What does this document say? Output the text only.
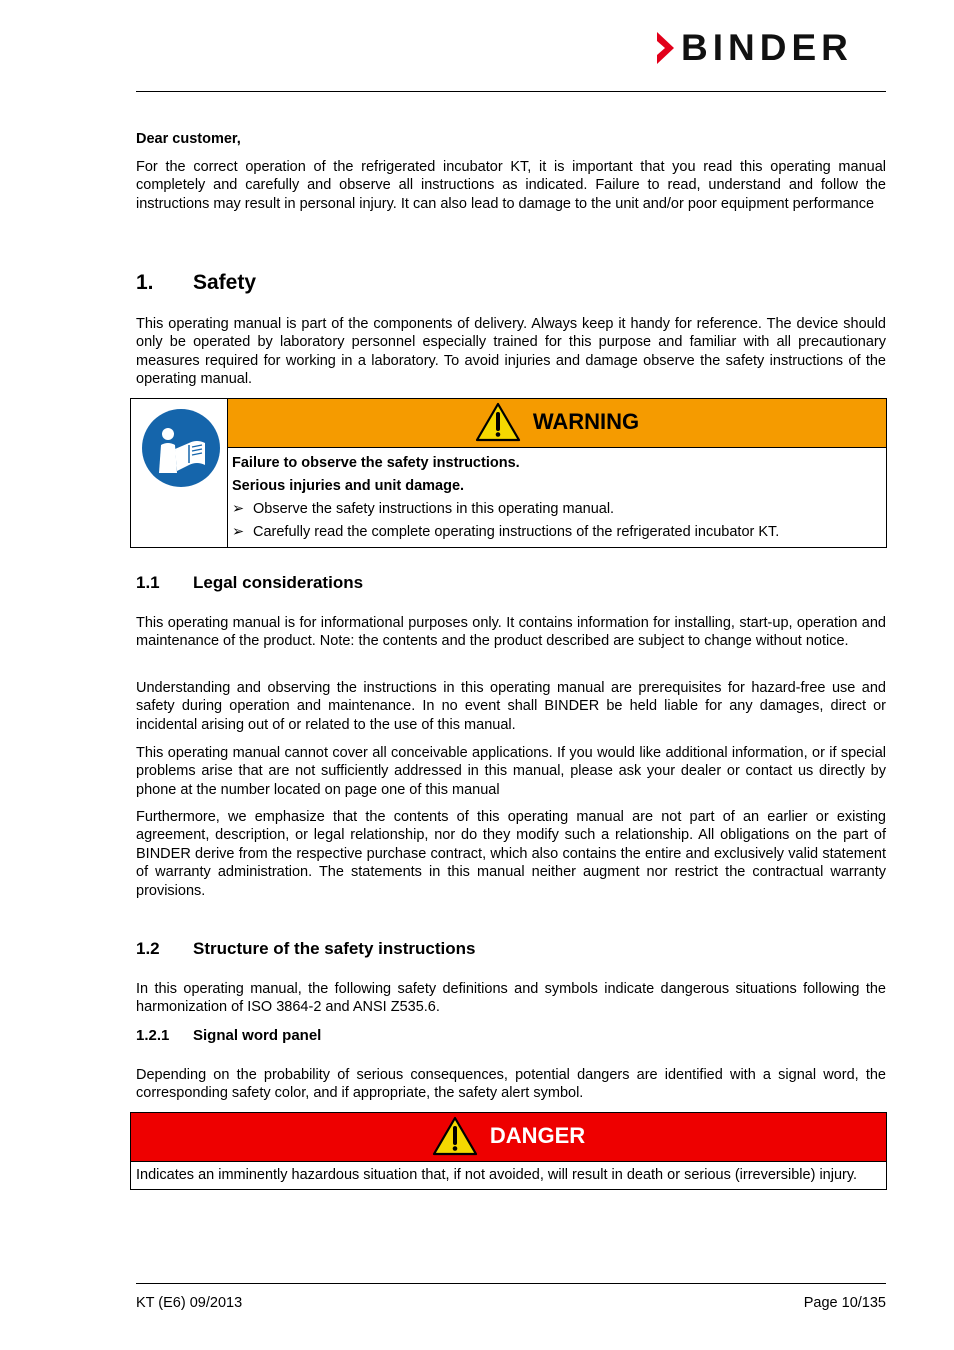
BINDER

Dear customer,

For the correct operation of the refrigerated incubator KT, it is important that you read this operating manual completely and carefully and observe all instructions as indicated. Failure to read, understand and follow the instructions may result in personal injury. It can also lead to damage to the unit and/or poor equipment performance

1. Safety

This operating manual is part of the components of delivery. Always keep it handy for reference. The device should only be operated by laboratory personnel especially trained for this purpose and familiar with all precautionary measures required for working in a laboratory. To avoid injuries and damage observe the safety instructions of the operating manual.

WARNING

Failure to observe the safety instructions.
Serious injuries and unit damage.
➢ Observe the safety instructions in this operating manual.
➢ Carefully read the complete operating instructions of the refrigerated incubator KT.
1.1 Legal considerations

This operating manual is for informational purposes only. It contains information for installing, start-up, operation and maintenance of the product. Note: the contents and the product described are subject to change without notice.

Understanding and observing the instructions in this operating manual are prerequisites for hazard-free use and safety during operation and maintenance. In no event shall BINDER be held liable for any damages, direct or incidental arising out of or related to the use of this manual.

This operating manual cannot cover all conceivable applications. If you would like additional information, or if special problems arise that are not sufficiently addressed in this manual, please ask your dealer or contact us directly by phone at the number located on page one of this manual

Furthermore, we emphasize that the contents of this operating manual are not part of an earlier or existing agreement, description, or legal relationship, nor do they modify such a relationship. All obligations on the part of BINDER derive from the respective purchase contract, which also contains the entire and exclusively valid statement of warranty administration. The statements in this manual neither augment nor restrict the contractual warranty provisions.

1.2 Structure of the safety instructions

In this operating manual, the following safety definitions and symbols indicate dangerous situations following the harmonization of ISO 3864-2 and ANSI Z535.6.

1.2.1 Signal word panel

Depending on the probability of serious consequences, potential dangers are identified with a signal word, the corresponding safety color, and if appropriate, the safety alert symbol.

DANGER

Indicates an imminently hazardous situation that, if not avoided, will result in death or serious (irreversible) injury.
KT (E6) 09/2013	Page 10/135
